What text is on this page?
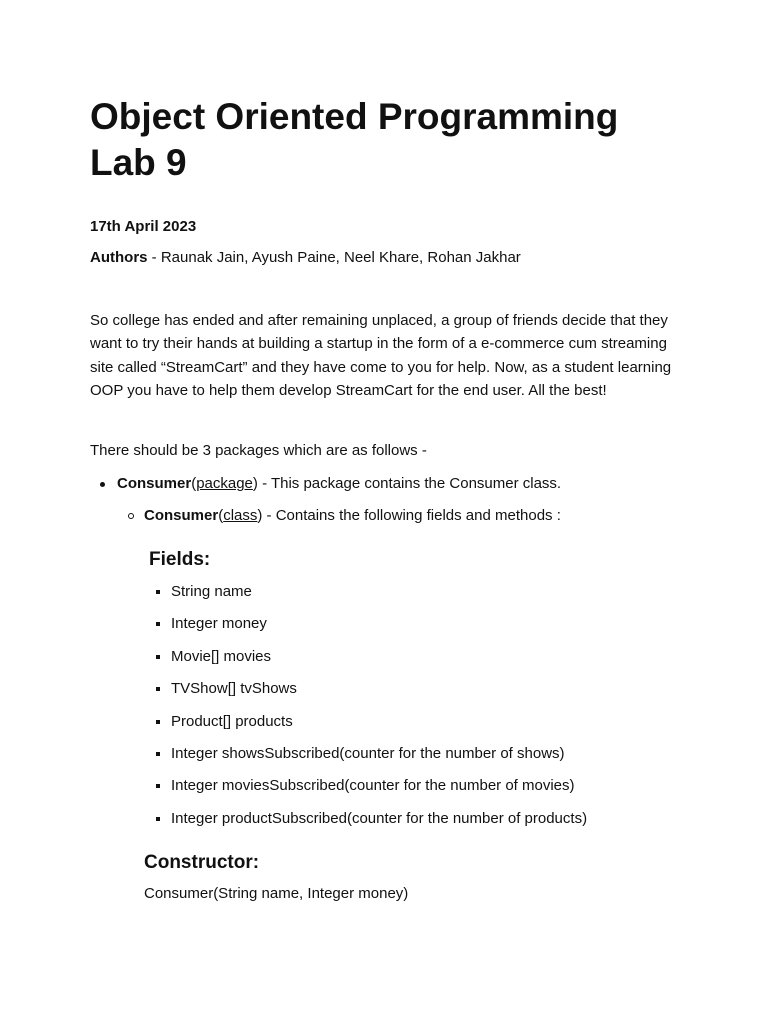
Object Oriented Programming Lab 9
17th April 2023
Authors - Raunak Jain, Ayush Paine, Neel Khare, Rohan Jakhar

So college has ended and after remaining unplaced, a group of friends decide that they want to try their hands at building a startup in the form of a e-commerce cum streaming site called “StreamCart” and they have come to you for help. Now, as a student learning OOP you have to help them develop StreamCart for the end user. All the best!

There should be 3 packages which are as follows -
Consumer(package) - This package contains the Consumer class.
Consumer(class) - Contains the following fields and methods :
Fields:
String name
Integer money
Movie[] movies
TVShow[] tvShows
Product[] products
Integer showsSubscribed(counter for the number of shows)
Integer moviesSubscribed(counter for the number of movies)
Integer productSubscribed(counter for the number of products)
Constructor:
Consumer(String name, Integer money)
